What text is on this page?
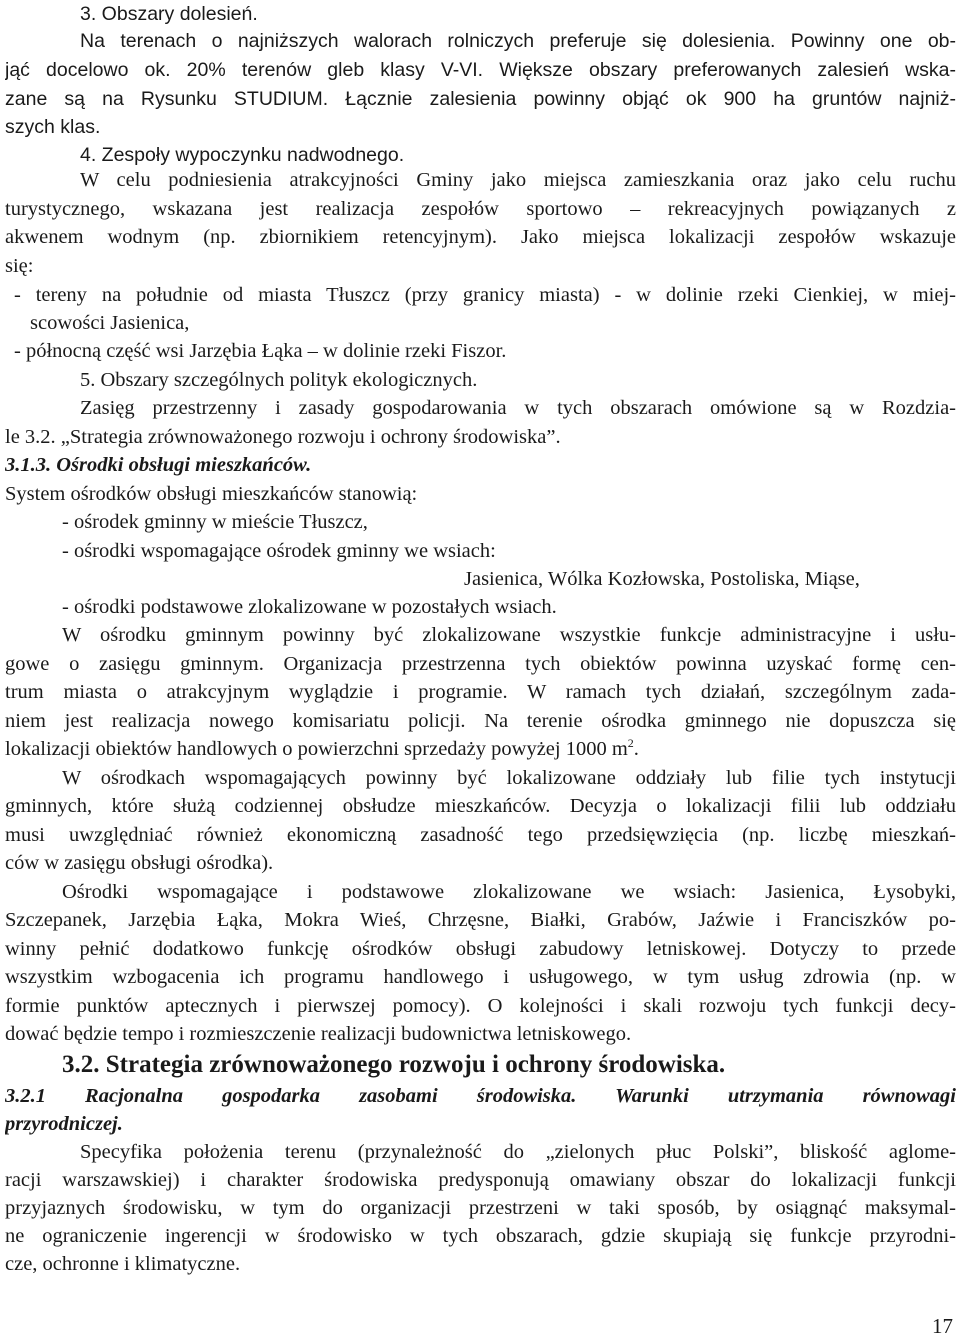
3. Obszary dolesień.
Na terenach o najniższych walorach rolniczych preferuje się dolesienia. Powinny one ob-
jąć docelowo ok. 20% terenów gleb klasy V-VI. Większe obszary preferowanych zalesień wska-
zane są na Rysunku STUDIUM. Łącznie zalesienia powinny objąć ok 900 ha gruntów najniż-
szych klas.
4. Zespoły wypoczynku nadwodnego.
W celu podniesienia atrakcyjności Gminy jako miejsca zamieszkania oraz jako celu ruchu
turystycznego, wskazana jest realizacja zespołów sportowo – rekreacyjnych powiązanych z
akwenem wodnym (np. zbiornikiem retencyjnym). Jako miejsca lokalizacji zespołów wskazuje
się:
- tereny na południe od miasta Tłuszcz (przy granicy miasta) - w dolinie rzeki Cienkiej, w miej-
scowości Jasienica,
- północną część wsi Jarzębia Łąka – w dolinie rzeki Fiszor.
5. Obszary szczególnych polityk ekologicznych.
Zasięg przestrzenny i zasady gospodarowania w tych obszarach omówione są w Rozdzia-
le 3.2. „Strategia zrównoważonego rozwoju i ochrony środowiska”.
3.1.3. Ośrodki obsługi mieszkańców.
System ośrodków obsługi mieszkańców stanowią:
- ośrodek gminny w mieście Tłuszcz,
- ośrodki wspomagające ośrodek gminny we wsiach:
Jasienica, Wólka Kozłowska, Postoliska, Miąse,
- ośrodki podstawowe zlokalizowane w pozostałych wsiach.
W ośrodku gminnym powinny być zlokalizowane wszystkie funkcje administracyjne i usłu-
gowe o zasięgu gminnym. Organizacja przestrzenna tych obiektów powinna uzyskać formę cen-
trum miasta o atrakcyjnym wyglądzie i programie. W ramach tych działań, szczególnym zada-
niem jest realizacja nowego komisariatu policji. Na terenie ośrodka gminnego nie dopuszcza się
lokalizacji obiektów handlowych o powierzchni sprzedaży powyżej 1000 $m^2$.
W ośrodkach wspomagających powinny być lokalizowane oddziały lub filie tych instytucji
gminnych, które służą codziennej obsłudze mieszkańców. Decyzja o lokalizacji filii lub oddziału
musi uwzględniać również ekonomiczną zasadność tego przedsięwzięcia (np. liczbę mieszkań-
ców w zasięgu obsługi ośrodka).
Ośrodki wspomagające i podstawowe zlokalizowane we wsiach: Jasienica, Łysobyki,
Szczepanek, Jarzębia Łąka, Mokra Wieś, Chrzęsne, Białki, Grabów, Jaźwie i Franciszków po-
winny pełnić dodatkowo funkcję ośrodków obsługi zabudowy letniskowej. Dotyczy to przede
wszystkim wzbogacenia ich programu handlowego i usługowego, w tym usług zdrowia (np. w
formie punktów aptecznych i pierwszej pomocy). O kolejności i skali rozwoju tych funkcji decy-
dować będzie tempo i rozmieszczenie realizacji budownictwa letniskowego.
3.2. Strategia zrównoważonego rozwoju i ochrony środowiska.
3.2.1 Racjonalna gospodarka zasobami środowiska. Warunki utrzymania równowagi
przyrodniczej.
Specyfika położenia terenu (przynależność do „zielonych płuc Polski”, bliskość aglome-
racji warszawskiej) i charakter środowiska predysponują omawiany obszar do lokalizacji funkcji
przyjaznych środowisku, w tym do organizacji przestrzeni w taki sposób, by osiągnąć maksymal-
ne ograniczenie ingerencji w środowisko w tych obszarach, gdzie skupiają się funkcje przyrodni-
cze, ochronne i klimatyczne.
17
